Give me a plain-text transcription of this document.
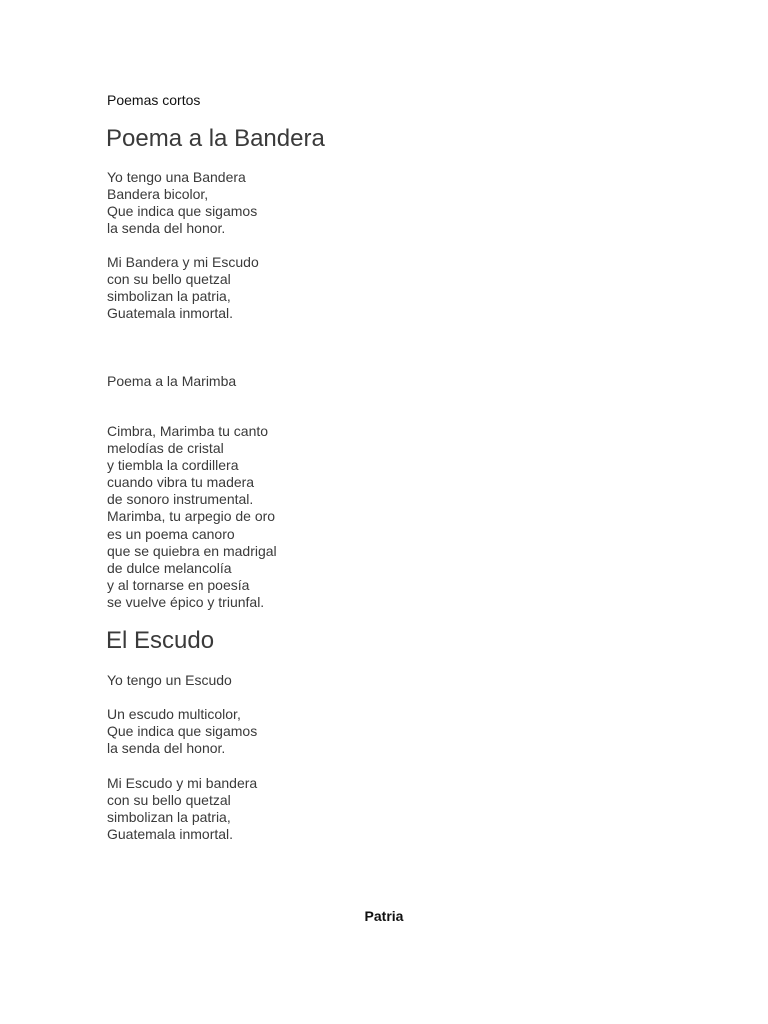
Poemas cortos
Poema a la Bandera
Yo tengo una Bandera
Bandera bicolor,
Que indica que sigamos
la senda del honor.
Mi Bandera y mi Escudo
con su bello quetzal
simbolizan la patria,
Guatemala inmortal.
Poema a la Marimba
Cimbra, Marimba tu canto
melodías de cristal
y tiembla la cordillera
cuando vibra tu madera
de sonoro instrumental.
Marimba, tu arpegio de oro
es un poema canoro
que se quiebra en madrigal
de dulce melancolía
y al tornarse en poesía
se vuelve épico y triunfal.
El Escudo
Yo tengo un Escudo
Un escudo multicolor,
Que indica que sigamos
la senda del honor.
Mi Escudo y mi bandera
con su bello quetzal
simbolizan la patria,
Guatemala inmortal.
Patria
